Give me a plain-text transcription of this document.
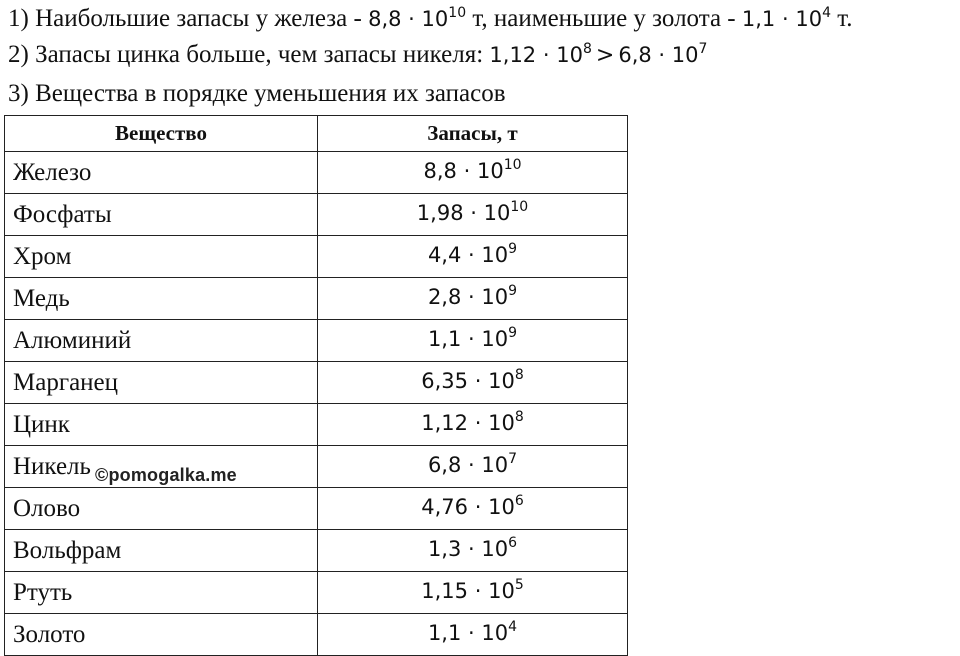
1) Наибольшие запасы у железа - $8,8 \cdot 10^{10}$ т, наименьшие у золота - $1,1 \cdot 10^4$ т.
2) Запасы цинка больше, чем запасы никеля: $1,12 \cdot 10^8 > 6,8 \cdot 10^7$
3) Вещества в порядке уменьшения их запасов
Вещество	Запасы, т
Железо	$8,8 \cdot 10^{10}$
Фосфаты	$1,98 \cdot 10^{10}$
Хром	$4,4 \cdot 10^9$
Медь	$2,8 \cdot 10^9$
Алюминий	$1,1 \cdot 10^9$
Марганец	$6,35 \cdot 10^8$
Цинк	$1,12 \cdot 10^8$
Никель	$6,8 \cdot 10^7$
Олово	$4,76 \cdot 10^6$
Вольфрам	$1,3 \cdot 10^6$
Ртуть	$1,15 \cdot 10^5$
Золото	$1,1 \cdot 10^4$
©pomogalka.me
